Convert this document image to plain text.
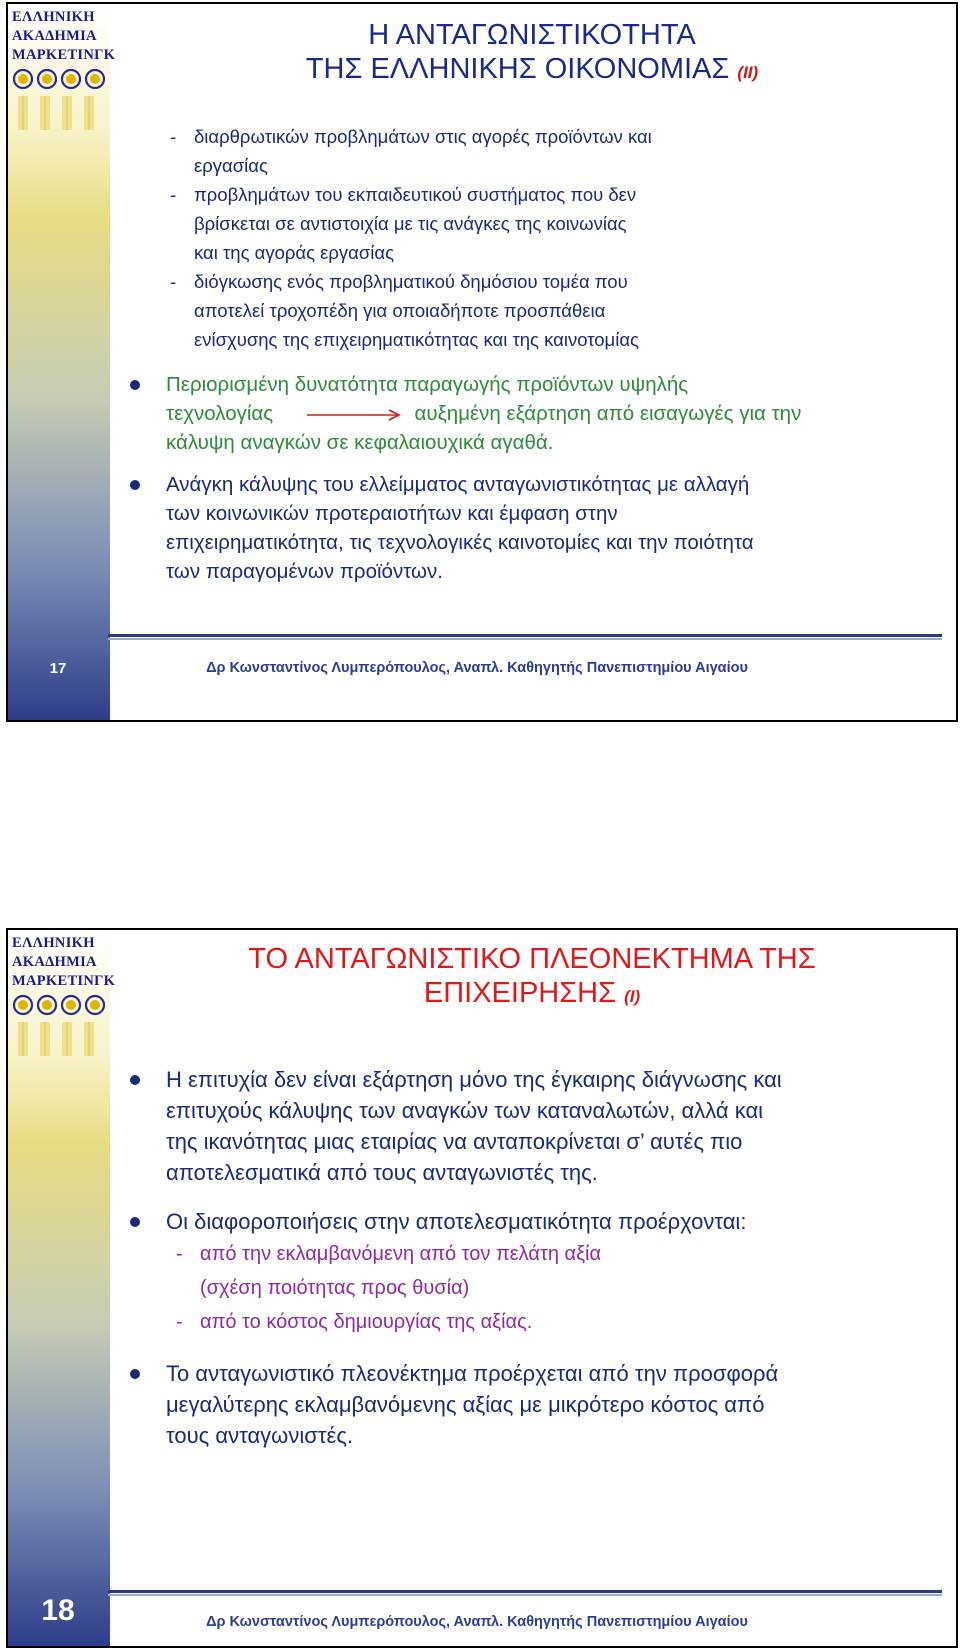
ΕΛΛΗΝΙΚΗ
ΑΚΑΔΗΜΙΑ
ΜΑΡΚΕΤΙΝΓΚ
Η ΑΝΤΑΓΩΝΙΣΤΙΚΟΤΗΤΑ
ΤΗΣ ΕΛΛΗΝΙΚΗΣ ΟΙΚΟΝΟΜΙΑΣ (ΙΙ)
- διαρθρωτικών προβλημάτων στις αγορές προϊόντων και
εργασίας
- προβλημάτων του εκπαιδευτικού συστήματος που δεν
βρίσκεται σε αντιστοιχία με τις ανάγκες της κοινωνίας
και της αγοράς εργασίας
- διόγκωσης ενός προβληματικού δημόσιου τομέα που
αποτελεί τροχοπέδη για οποιαδήποτε προσπάθεια
ενίσχυσης της επιχειρηματικότητας και της καινοτομίας
Περιορισμένη δυνατότητα παραγωγής προϊόντων υψηλής
τεχνολογίας	αυξημένη εξάρτηση από εισαγωγές για την
κάλυψη αναγκών σε κεφαλαιουχικά αγαθά.
Ανάγκη κάλυψης του ελλείμματος ανταγωνιστικότητας με αλλαγή
των κοινωνικών προτεραιοτήτων και έμφαση στην
επιχειρηματικότητα, τις τεχνολογικές καινοτομίες και την ποιότητα
των παραγομένων προϊόντων.
17	Δρ Κωνσταντίνος Λυμπερόπουλος, Αναπλ. Καθηγητής Πανεπιστημίου Αιγαίου
ΕΛΛΗΝΙΚΗ
ΑΚΑΔΗΜΙΑ
ΜΑΡΚΕΤΙΝΓΚ
ΤΟ ΑΝΤΑΓΩΝΙΣΤΙΚΟ ΠΛΕΟΝΕΚΤΗΜΑ ΤΗΣ
ΕΠΙΧΕΙΡΗΣΗΣ (Ι)
Η επιτυχία δεν είναι εξάρτηση μόνο της έγκαιρης διάγνωσης και
επιτυχούς κάλυψης των αναγκών των καταναλωτών, αλλά και
της ικανότητας μιας εταιρίας να ανταποκρίνεται σ’ αυτές πιο
αποτελεσματικά από τους ανταγωνιστές της.
Οι διαφοροποιήσεις στην αποτελεσματικότητα προέρχονται:
- από την εκλαμβανόμενη από τον πελάτη αξία
(σχέση ποιότητας προς θυσία)
- από το κόστος δημιουργίας της αξίας.
Το ανταγωνιστικό πλεονέκτημα προέρχεται από την προσφορά
μεγαλύτερης εκλαμβανόμενης αξίας με μικρότερο κόστος από
τους ανταγωνιστές.
18	Δρ Κωνσταντίνος Λυμπερόπουλος, Αναπλ. Καθηγητής Πανεπιστημίου Αιγαίου
